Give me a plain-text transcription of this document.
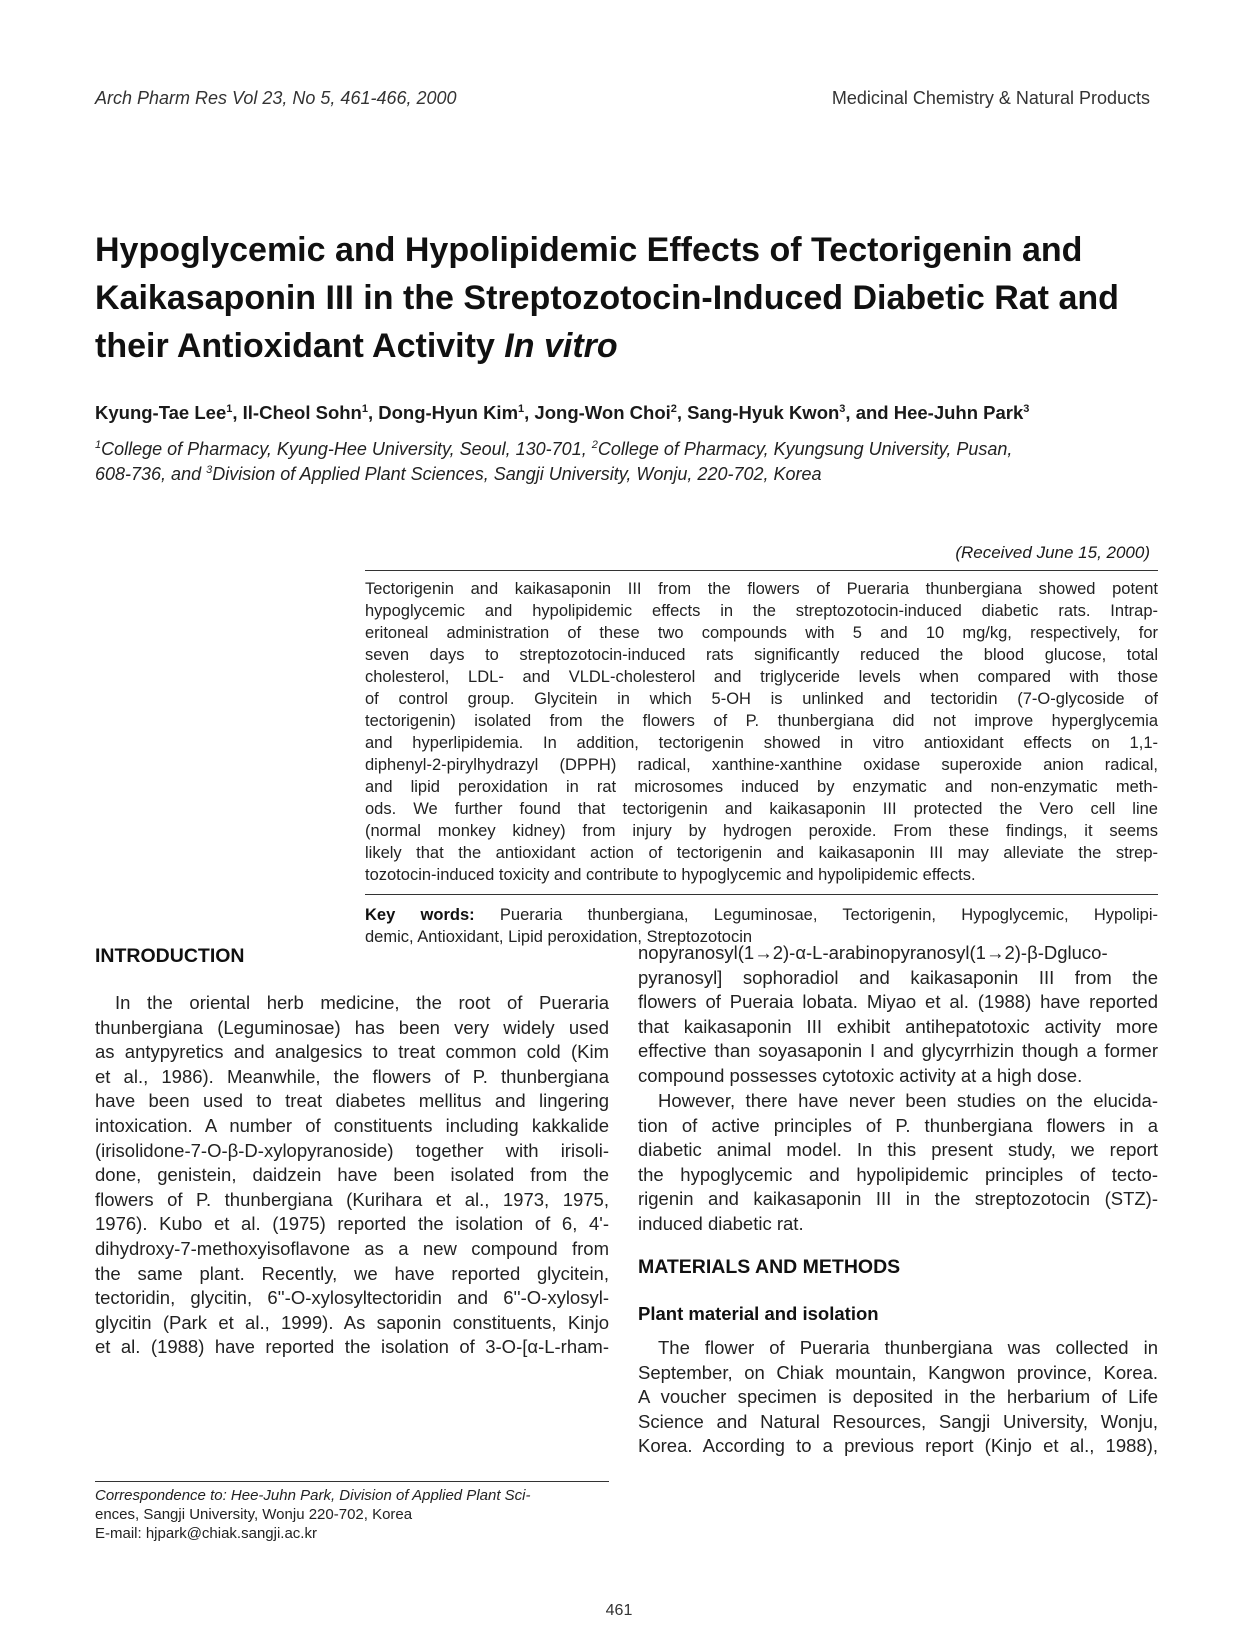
Arch Pharm Res Vol 23, No 5, 461-466, 2000	Medicinal Chemistry & Natural Products
Hypoglycemic and Hypolipidemic Effects of Tectorigenin and
Kaikasaponin III in the Streptozotocin-Induced Diabetic Rat and
their Antioxidant Activity In vitro
Kyung-Tae Lee$^1$, Il-Cheol Sohn$^1$, Dong-Hyun Kim$^1$, Jong-Won Choi$^2$, Sang-Hyuk Kwon$^3$, and Hee-Juhn Park$^3$
$^1$College of Pharmacy, Kyung-Hee University, Seoul, 130-701, $^2$College of Pharmacy, Kyungsung University, Pusan,
608-736, and $^3$Division of Applied Plant Sciences, Sangji University, Wonju, 220-702, Korea
(Received June 15, 2000)
Tectorigenin and kaikasaponin III from the flowers of Pueraria thunbergiana showed potent
hypoglycemic and hypolipidemic effects in the streptozotocin-induced diabetic rats. Intrap-
eritoneal administration of these two compounds with 5 and 10 mg/kg, respectively, for
seven days to streptozotocin-induced rats significantly reduced the blood glucose, total
cholesterol, LDL- and VLDL-cholesterol and triglyceride levels when compared with those
of control group. Glycitein in which 5-OH is unlinked and tectoridin (7-O-glycoside of
tectorigenin) isolated from the flowers of P. thunbergiana did not improve hyperglycemia
and hyperlipidemia. In addition, tectorigenin showed in vitro antioxidant effects on 1,1-
diphenyl-2-pirylhydrazyl (DPPH) radical, xanthine-xanthine oxidase superoxide anion radical,
and lipid peroxidation in rat microsomes induced by enzymatic and non-enzymatic meth-
ods. We further found that tectorigenin and kaikasaponin III protected the Vero cell line
(normal monkey kidney) from injury by hydrogen peroxide. From these findings, it seems
likely that the antioxidant action of tectorigenin and kaikasaponin III may alleviate the strep-
tozotocin-induced toxicity and contribute to hypoglycemic and hypolipidemic effects.
Key words: Pueraria thunbergiana, Leguminosae, Tectorigenin, Hypoglycemic, Hypolipi-
demic, Antioxidant, Lipid peroxidation, Streptozotocin
INTRODUCTION
In the oriental herb medicine, the root of Pueraria
thunbergiana (Leguminosae) has been very widely used
as antypyretics and analgesics to treat common cold (Kim
et al., 1986). Meanwhile, the flowers of P. thunbergiana
have been used to treat diabetes mellitus and lingering
intoxication. A number of constituents including kakkalide
(irisolidone-7-O-β-D-xylopyranoside) together with irisoli-
done, genistein, daidzein have been isolated from the
flowers of P. thunbergiana (Kurihara et al., 1973, 1975,
1976). Kubo et al. (1975) reported the isolation of 6, 4'-
dihydroxy-7-methoxyisoflavone as a new compound from
the same plant. Recently, we have reported glycitein,
tectoridin, glycitin, 6''-O-xylosyltectoridin and 6''-O-xylosyl-
glycitin (Park et al., 1999). As saponin constituents, Kinjo
et al. (1988) have reported the isolation of 3-O-[α-L-rham-
nopyranosyl(1→2)-α-L-arabinopyranosyl(1→2)-β-Dgluco-
pyranosyl] sophoradiol and kaikasaponin III from the
flowers of Pueraia lobata. Miyao et al. (1988) have reported
that kaikasaponin III exhibit antihepatotoxic activity more
effective than soyasaponin I and glycyrrhizin though a former
compound possesses cytotoxic activity at a high dose.
However, there have never been studies on the elucida-
tion of active principles of P. thunbergiana flowers in a
diabetic animal model. In this present study, we report
the hypoglycemic and hypolipidemic principles of tecto-
rigenin and kaikasaponin III in the streptozotocin (STZ)-
induced diabetic rat.
MATERIALS AND METHODS
Plant material and isolation
The flower of Pueraria thunbergiana was collected in
September, on Chiak mountain, Kangwon province, Korea.
A voucher specimen is deposited in the herbarium of Life
Science and Natural Resources, Sangji University, Wonju,
Korea. According to a previous report (Kinjo et al., 1988),
Correspondence to: Hee-Juhn Park, Division of Applied Plant Sci-
ences, Sangji University, Wonju 220-702, Korea
E-mail: hjpark@chiak.sangji.ac.kr
461
